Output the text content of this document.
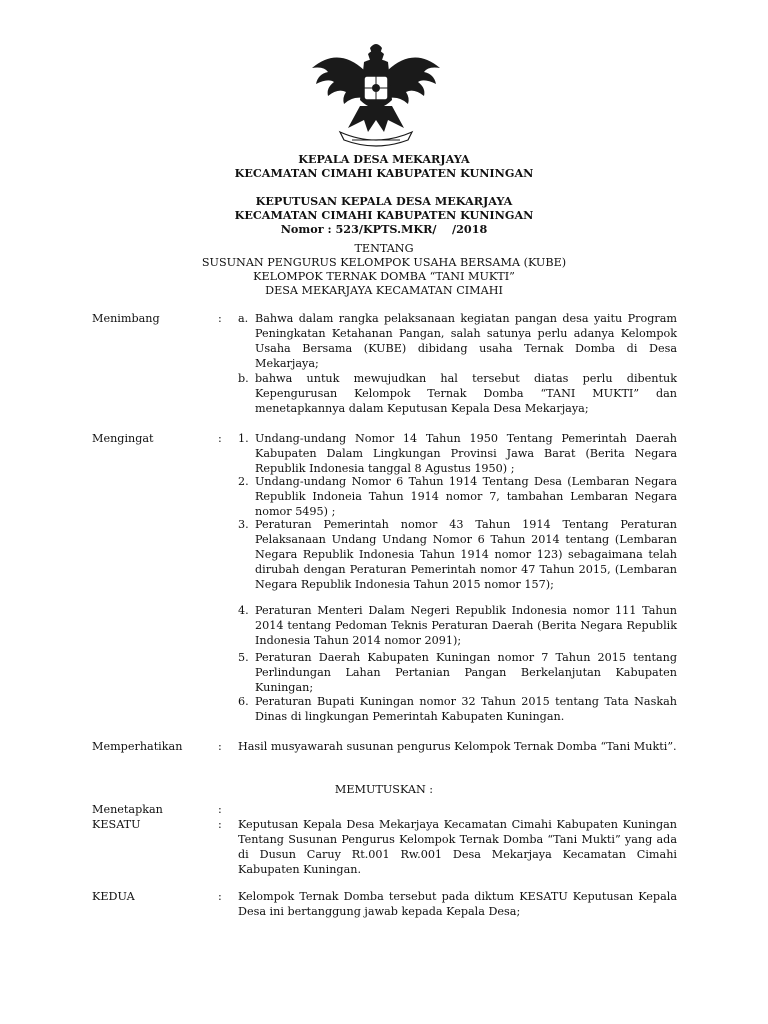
KEPALA DESA MEKARJAYA
KECAMATAN CIMAHI KABUPATEN KUNINGAN
KEPUTUSAN KEPALA DESA MEKARJAYA
KECAMATAN CIMAHI KABUPATEN KUNINGAN
Nomor : 523/KPTS.MKR/    /2018
TENTANG
SUSUNAN PENGURUS KELOMPOK USAHA BERSAMA (KUBE)
KELOMPOK TERNAK DOMBA “TANI MUKTI”
DESA MEKARJAYA KECAMATAN CIMAHI
Menimbang	: a. Bahwa dalam rangka pelaksanaan kegiatan pangan desa yaitu Program Peningkatan Ketahanan Pangan, salah satunya perlu adanya Kelompok Usaha Bersama (KUBE) dibidang usaha Ternak Domba di Desa Mekarjaya;
b. bahwa untuk mewujudkan hal tersebut diatas perlu dibentuk Kepengurusan Kelompok Ternak Domba “TANI MUKTI” dan menetapkannya dalam Keputusan Kepala Desa Mekarjaya;
Mengingat	: 1. Undang-undang Nomor 14 Tahun 1950 Tentang Pemerintah Daerah Kabupaten Dalam Lingkungan Provinsi Jawa Barat (Berita Negara Republik Indonesia tanggal 8 Agustus 1950) ;
2. Undang-undang Nomor 6 Tahun 1914 Tentang Desa (Lembaran Negara Republik Indoneia Tahun 1914 nomor 7, tambahan Lembaran Negara nomor 5495) ;
3. Peraturan Pemerintah nomor 43 Tahun 1914 Tentang Peraturan Pelaksanaan Undang Undang Nomor 6 Tahun 2014 tentang (Lembaran Negara Republik Indonesia Tahun 1914 nomor 123) sebagaimana telah dirubah dengan Peraturan Pemerintah nomor 47 Tahun 2015, (Lembaran Negara Republik Indonesia Tahun 2015 nomor 157);
4. Peraturan Menteri Dalam Negeri Republik Indonesia nomor 111 Tahun 2014 tentang Pedoman Teknis Peraturan Daerah (Berita Negara Republik Indonesia Tahun 2014 nomor 2091);
5. Peraturan Daerah Kabupaten Kuningan nomor 7 Tahun 2015 tentang Perlindungan Lahan Pertanian Pangan Berkelanjutan Kabupaten Kuningan;
6. Peraturan Bupati Kuningan nomor 32 Tahun 2015 tentang Tata Naskah Dinas di lingkungan Pemerintah Kabupaten Kuningan.
Memperhatikan	: Hasil musyawarah susunan pengurus Kelompok Ternak Domba “Tani Mukti”.
MEMUTUSKAN :
Menetapkan	:
KESATU	: Keputusan Kepala Desa Mekarjaya Kecamatan Cimahi Kabupaten Kuningan Tentang Susunan Pengurus Kelompok Ternak Domba “Tani Mukti” yang ada di Dusun Caruy Rt.001 Rw.001 Desa Mekarjaya Kecamatan Cimahi Kabupaten Kuningan.
KEDUA	: Kelompok Ternak Domba tersebut pada diktum KESATU Keputusan Kepala Desa ini bertanggung jawab kepada Kepala Desa;
